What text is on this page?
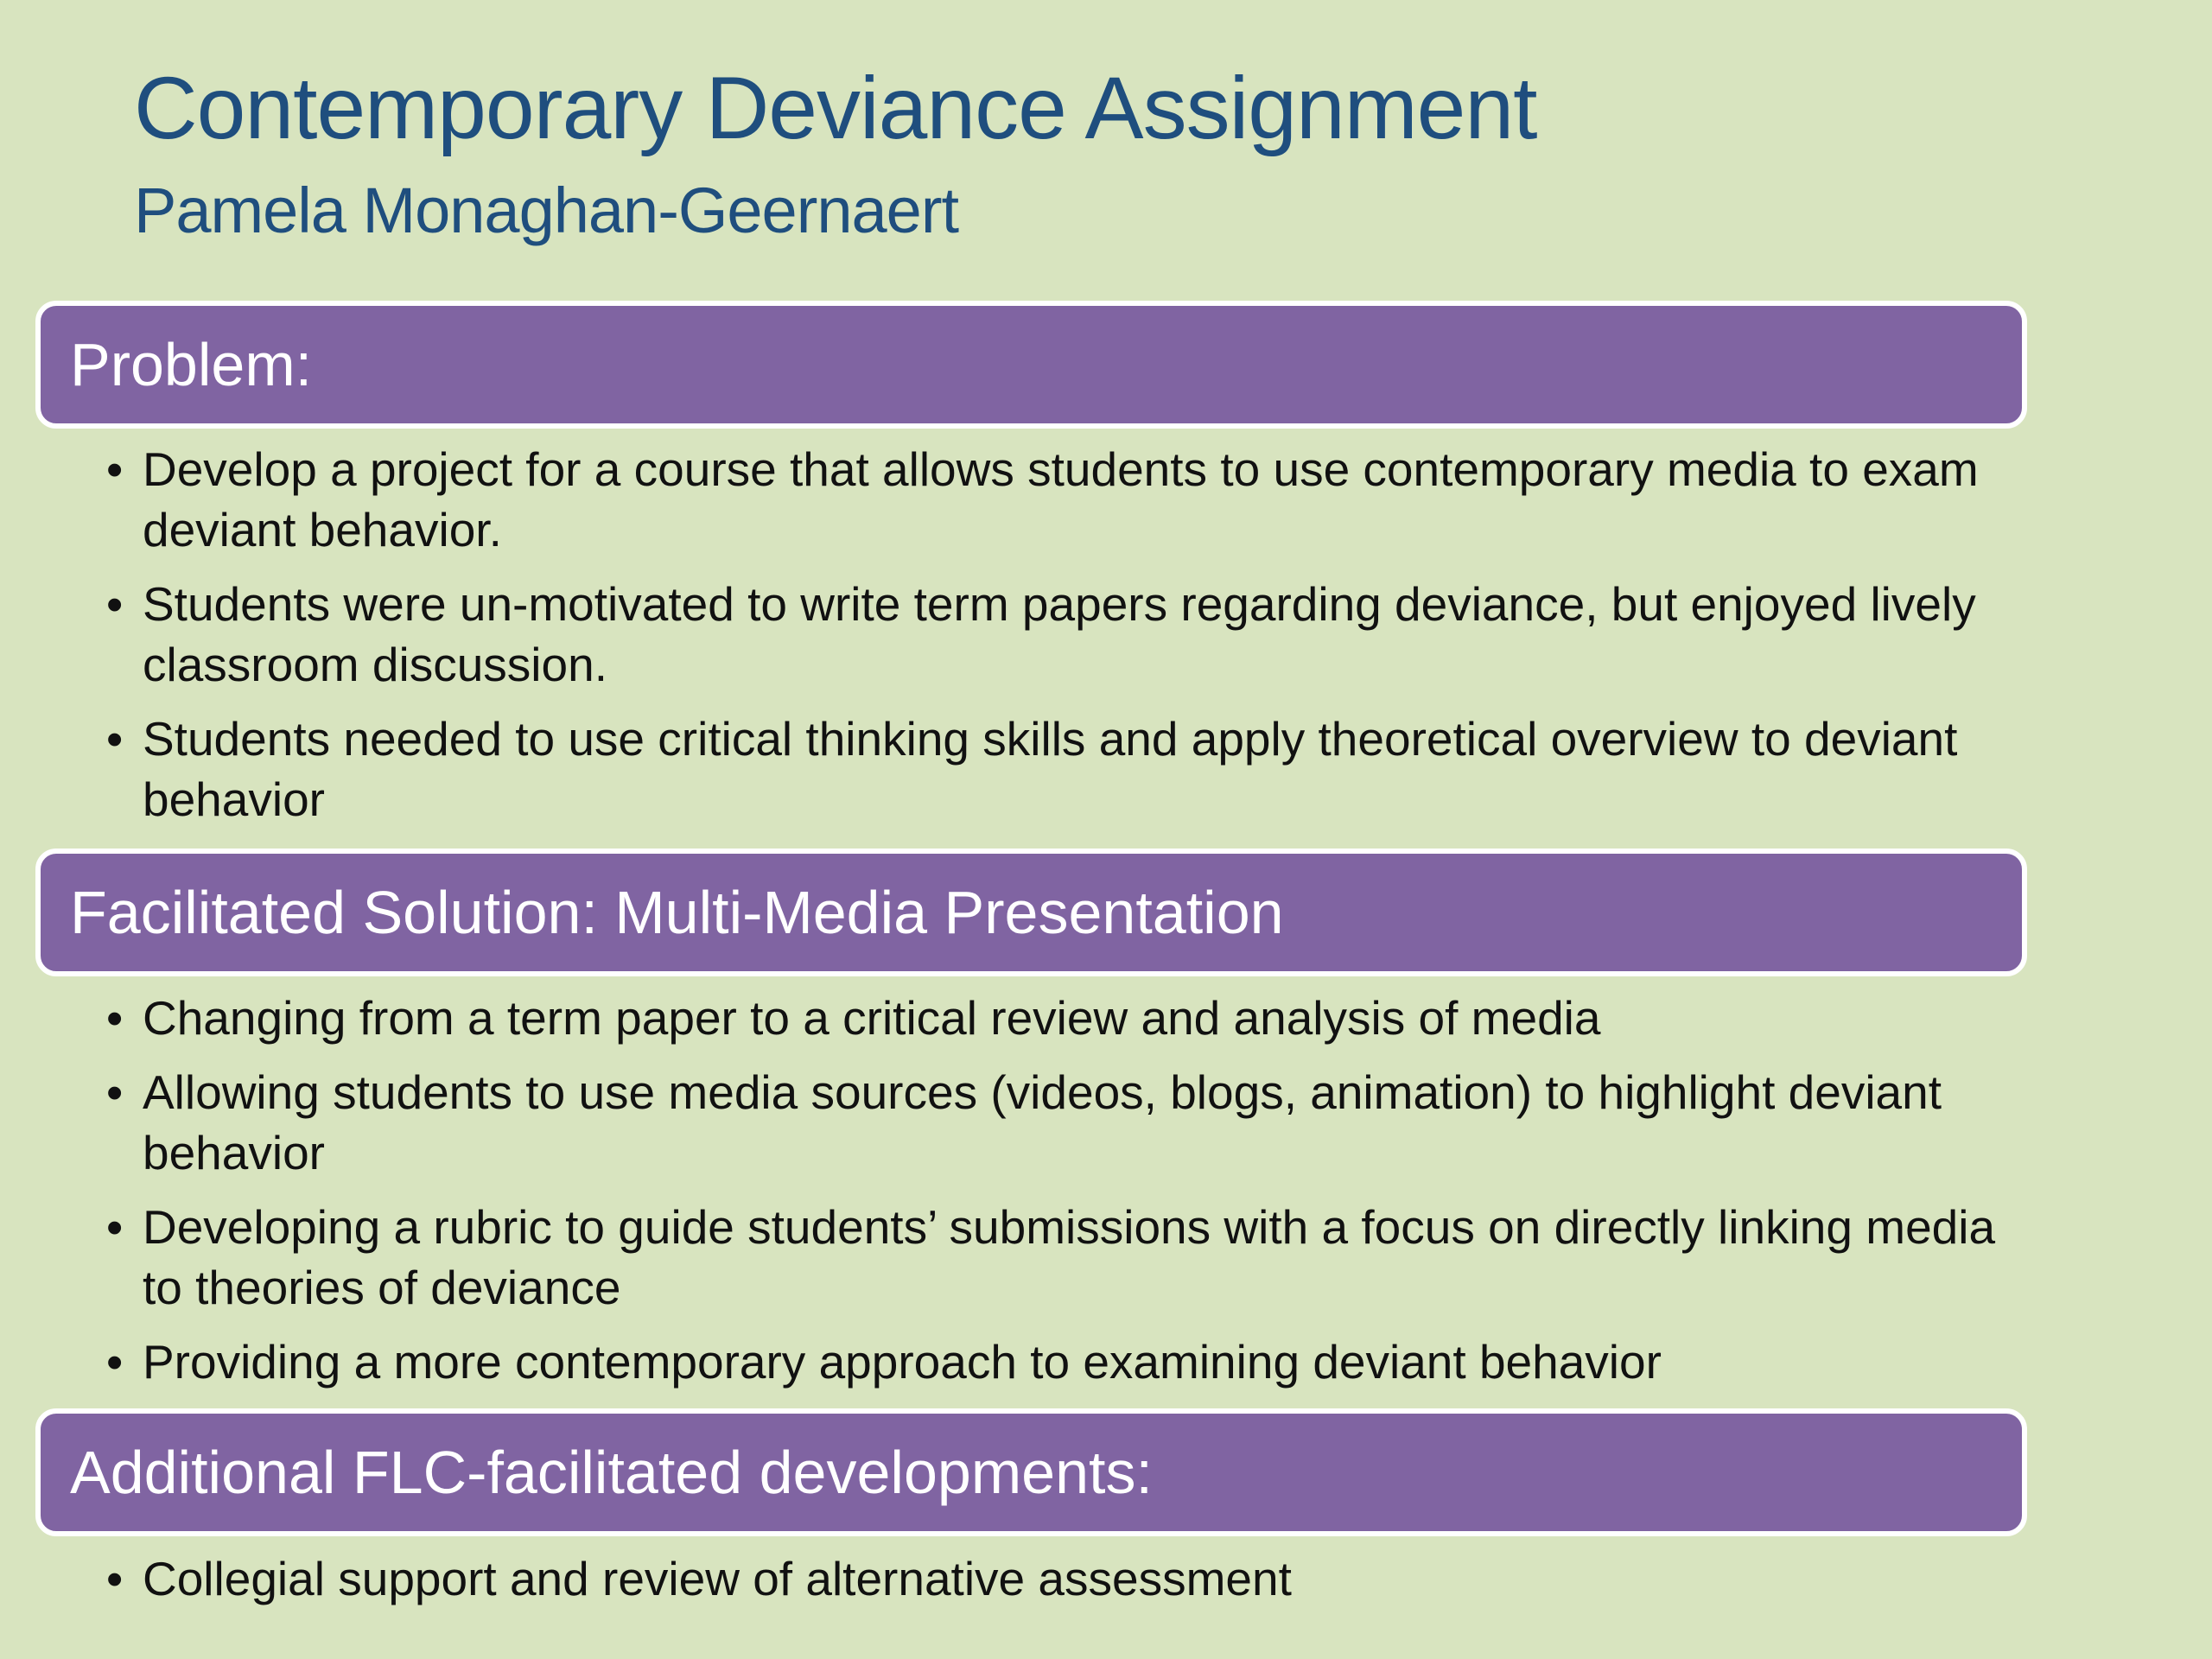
Contemporary Deviance Assignment
Pamela Monaghan-Geernaert
Problem:
• Develop a project for a course that allows students to use contemporary media to exam deviant behavior.
• Students were un-motivated to write term papers regarding deviance, but enjoyed lively classroom discussion.
• Students needed to use critical thinking skills and apply theoretical overview to deviant behavior
Facilitated Solution: Multi-Media Presentation
• Changing from a term paper to a critical review and analysis of media
• Allowing students to use media sources (videos, blogs, animation) to highlight deviant behavior
• Developing a rubric to guide students’ submissions with a focus on directly linking media to theories of deviance
• Providing a more contemporary approach to examining deviant behavior
Additional FLC-facilitated developments:
• Collegial support and review of alternative assessment
